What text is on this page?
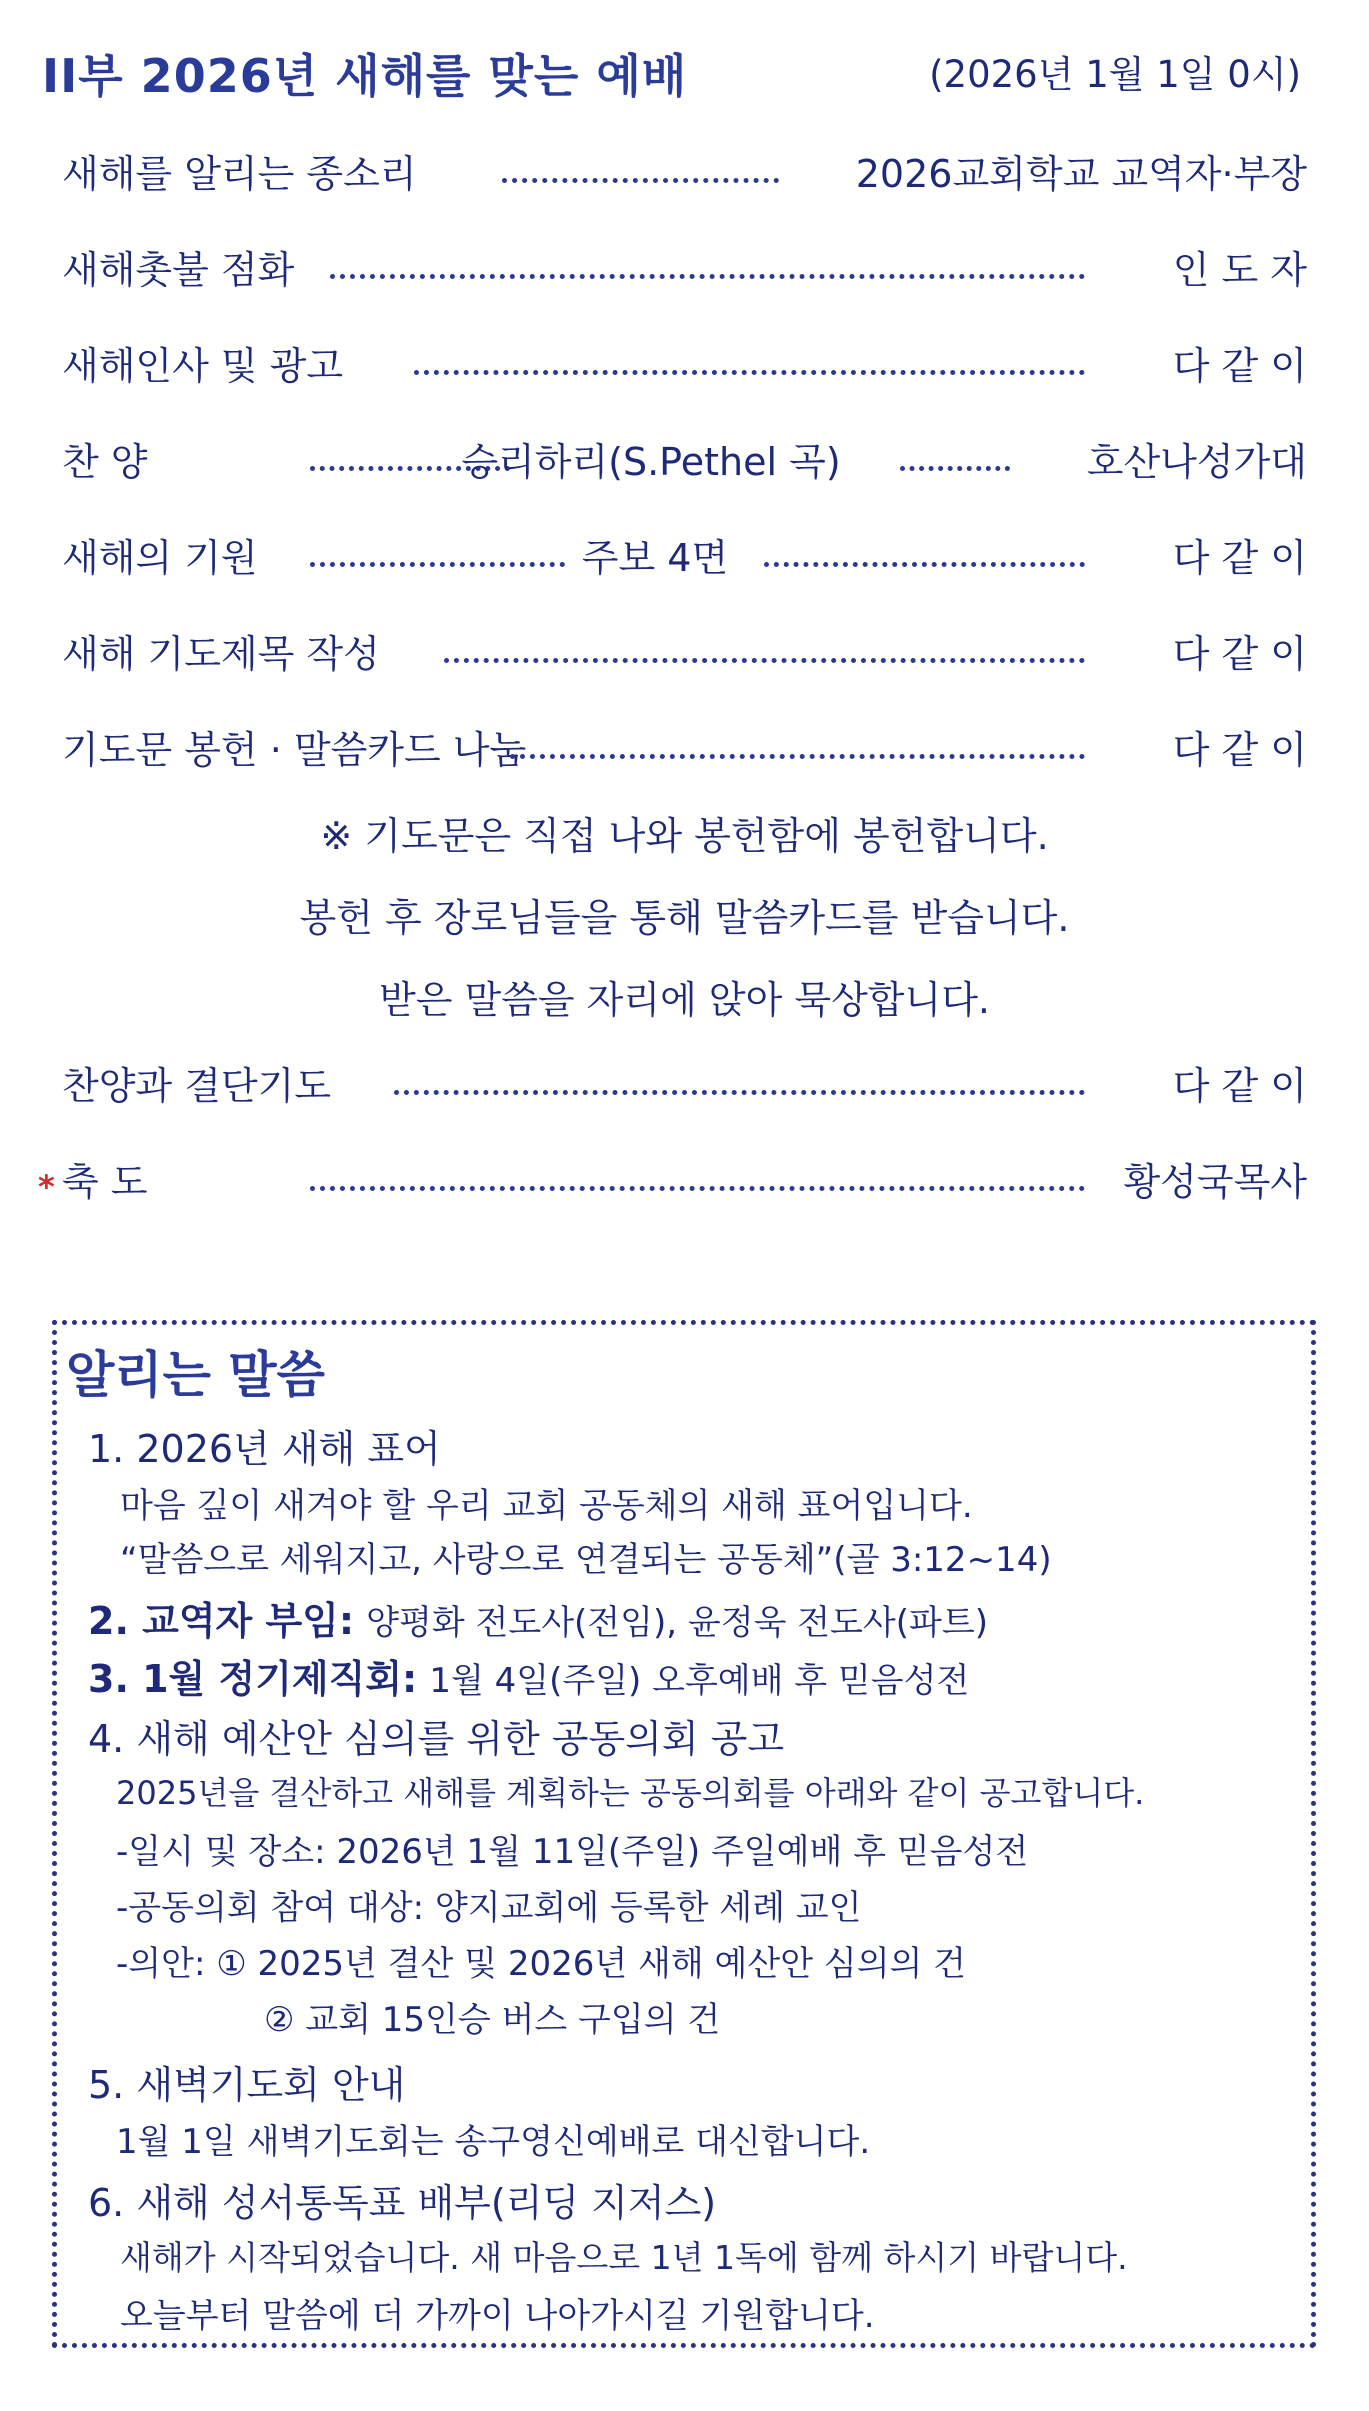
II부 2026년 새해를 맞는 예배	(2026년 1월 1일 0시)
새해를 알리는 종소리	2026교회학교 교역자·부장
새해촛불 점화	인 도 자
새해인사 및 광고	다 같 이
찬 양	승리하리(S.Pethel 곡)	호산나성가대
새해의 기원	주보 4면	다 같 이
새해 기도제목 작성	다 같 이
기도문 봉헌 · 말씀카드 나눔	다 같 이
※ 기도문은 직접 나와 봉헌함에 봉헌합니다.
봉헌 후 장로님들을 통해 말씀카드를 받습니다.
받은 말씀을 자리에 앉아 묵상합니다.
찬양과 결단기도	다 같 이
* 축 도	황성국목사
알리는 말씀
1. 2026년 새해 표어
마음 깊이 새겨야 할 우리 교회 공동체의 새해 표어입니다.
“말씀으로 세워지고, 사랑으로 연결되는 공동체”(골 3:12~14)
2. 교역자 부임: 양평화 전도사(전임), 윤정욱 전도사(파트)
3. 1월 정기제직회: 1월 4일(주일) 오후예배 후 믿음성전
4. 새해 예산안 심의를 위한 공동의회 공고
2025년을 결산하고 새해를 계획하는 공동의회를 아래와 같이 공고합니다.
-일시 및 장소: 2026년 1월 11일(주일) 주일예배 후 믿음성전
-공동의회 참여 대상: 양지교회에 등록한 세례 교인
-의안: ① 2025년 결산 및 2026년 새해 예산안 심의의 건
② 교회 15인승 버스 구입의 건
5. 새벽기도회 안내
1월 1일 새벽기도회는 송구영신예배로 대신합니다.
6. 새해 성서통독표 배부(리딩 지저스)
새해가 시작되었습니다. 새 마음으로 1년 1독에 함께 하시기 바랍니다.
오늘부터 말씀에 더 가까이 나아가시길 기원합니다.
